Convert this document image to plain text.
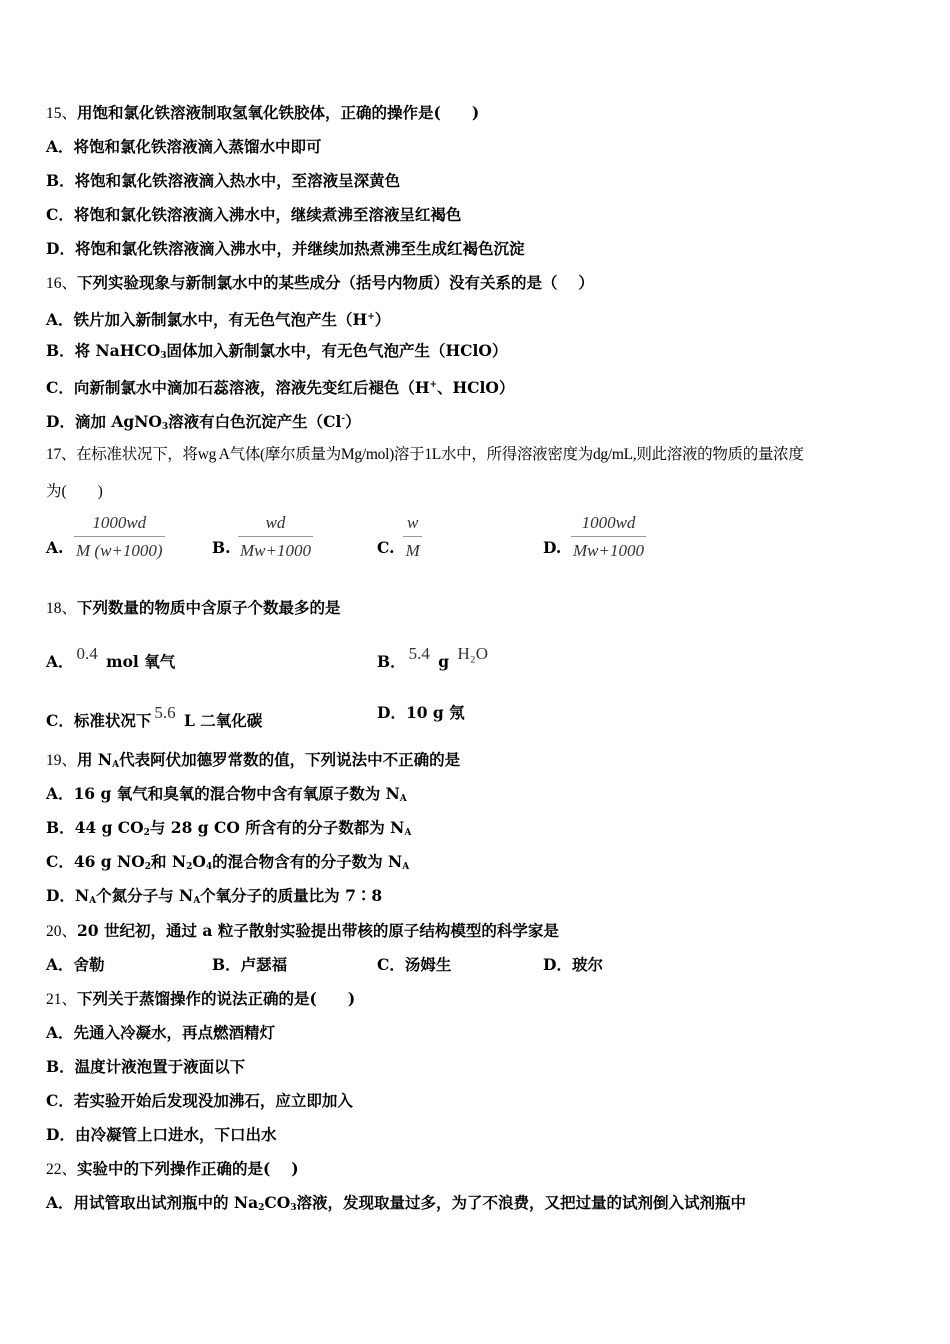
15、用饱和氯化铁溶液制取氢氧化铁胶体，正确的操作是(　　)
A．将饱和氯化铁溶液滴入蒸馏水中即可
B．将饱和氯化铁溶液滴入热水中，至溶液呈深黄色
C．将饱和氯化铁溶液滴入沸水中，继续煮沸至溶液呈红褐色
D．将饱和氯化铁溶液滴入沸水中，并继续加热煮沸至生成红褐色沉淀
16、下列实验现象与新制氯水中的某些成分（括号内物质）没有关系的是（　 ）
A．铁片加入新制氯水中，有无色气泡产生（H+）
B．将 NaHCO$_3$固体加入新制氯水中，有无色气泡产生（HClO）
C．向新制氯水中滴加石蕊溶液，溶液先变红后褪色（H+、HClO）
D．滴加 AgNO$_3$溶液有白色沉淀产生（Cl-）
17、在标准状况下，将wg A气体(摩尔质量为Mg/mol)溶于1L水中，所得溶液密度为dg/mL,则此溶液的物质的量浓度
为(　　)
A. $\frac{1000wd}{M (w+1000)}$	B. $\frac{wd}{Mw+1000}$	C. $\frac{w}{M}$	D. $\frac{1000wd}{Mw+1000}$
18、下列数量的物质中含原子个数最多的是
A． 0.4 mol 氧气	B． 5.4 g H₂O
C．标准状况下 5.6 L 二氧化碳	D．10 g 氖
19、用 $N_A$代表阿伏加德罗常数的值，下列说法中不正确的是
A．16 g 氧气和臭氧的混合物中含有氧原子数为 $N_A$
B．44 g $CO_2$与 28 g CO 所含有的分子数都为 $N_A$
C．46 g $NO_2$和 $N_2O_4$的混合物含有的分子数为 $N_A$
D．$N_A$个氮分子与 $N_A$个氧分子的质量比为 7∶8
20、20 世纪初，通过 a 粒子散射实验提出带核的原子结构模型的科学家是
A．舍勒	B．卢瑟福	C．汤姆生	D．玻尔
21、下列关于蒸馏操作的说法正确的是(　　)
A．先通入冷凝水，再点燃酒精灯
B．温度计液泡置于液面以下
C．若实验开始后发现没加沸石，应立即加入
D．由冷凝管上口进水，下口出水
22、实验中的下列操作正确的是(　 )
A．用试管取出试剂瓶中的 $Na_2CO_3$溶液，发现取量过多，为了不浪费，又把过量的试剂倒入试剂瓶中
